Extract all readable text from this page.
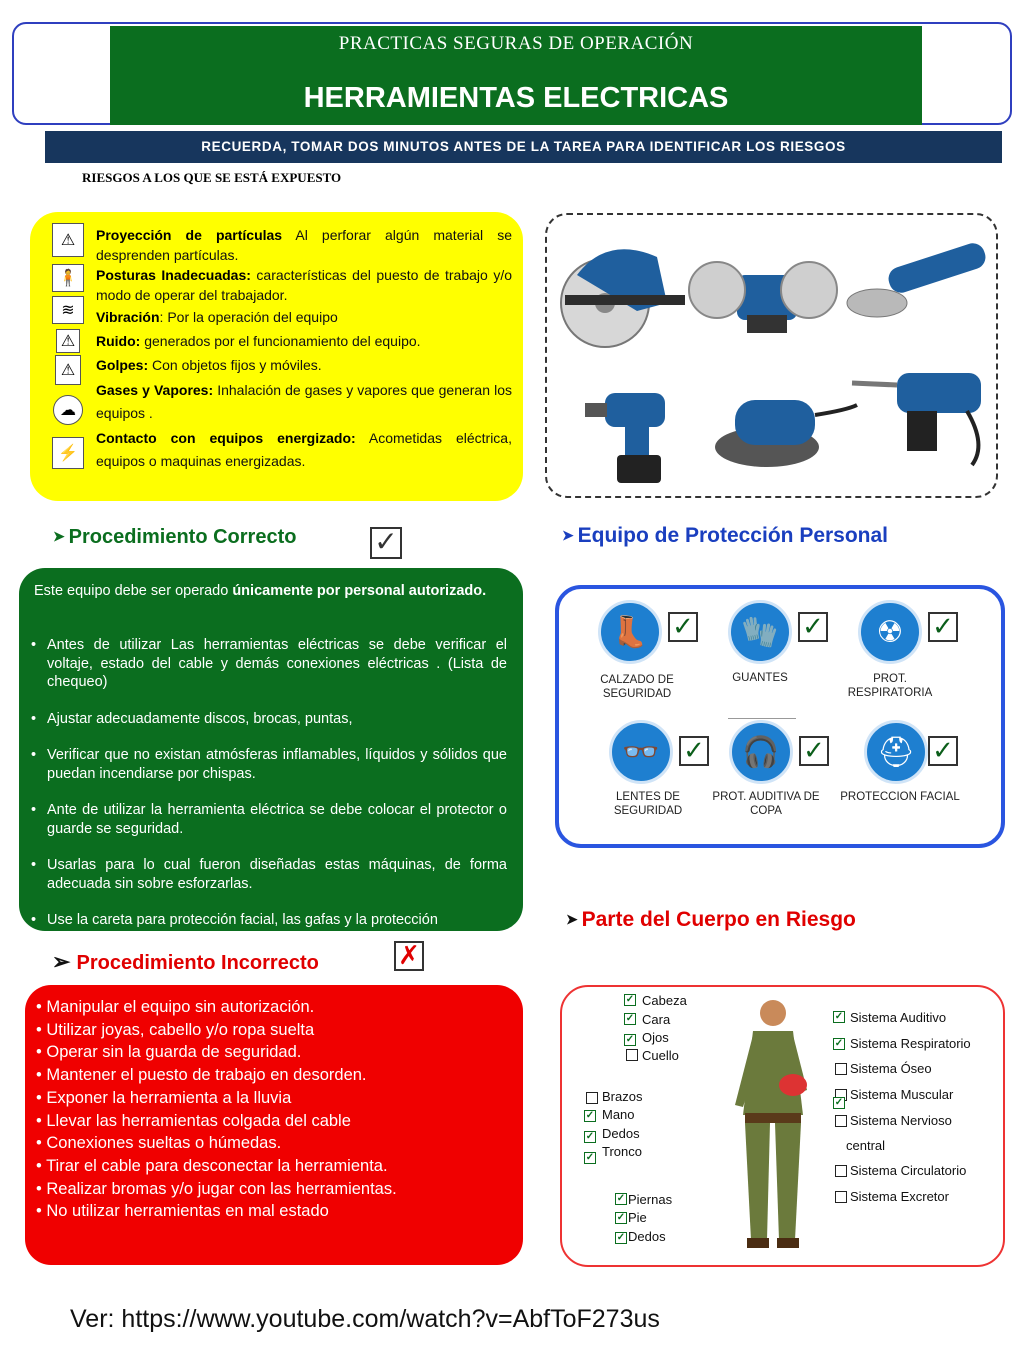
PRACTICAS SEGURAS DE OPERACIÓN
HERRAMIENTAS ELECTRICAS
RECUERDA, TOMAR DOS MINUTOS ANTES DE LA TAREA PARA IDENTIFICAR LOS RIESGOS
RIESGOS A LOS QUE SE ESTÁ EXPUESTO
⚠
🧍
≋
⚠
⚠
☁
⚡
Proyección de partículas Al perforar algún material se desprenden partículas.
Posturas Inadecuadas: características del puesto de trabajo y/o modo de operar del trabajador.
Vibración: Por la operación del equipo
Ruido: generados por el funcionamiento del equipo.
Golpes: Con objetos fijos y móviles.
Gases y Vapores: Inhalación de gases y vapores que generan los equipos .
Contacto con equipos energizado: Acometidas eléctrica, equipos o maquinas energizadas.
➤ Procedimiento Correcto	✓
Este equipo debe ser operado únicamente por personal autorizado.
• Antes de utilizar Las herramientas eléctricas se debe verificar el voltaje, estado del cable y demás conexiones eléctricas . (Lista de chequeo)
• Ajustar adecuadamente discos, brocas, puntas,
• Verificar que no existan atmósferas inflamables, líquidos y sólidos que puedan incendiarse por chispas.
• Ante de utilizar la herramienta eléctrica se debe colocar el protector o guarde se seguridad.
• Usarlas para lo cual fueron diseñadas estas máquinas, de forma adecuada sin sobre esforzarlas.
• Use la careta para protección facial, las gafas y la protección
➤ Equipo de Protección Personal
👢 ✓
CALZADO DE SEGURIDAD
🧤 ✓
GUANTES
☢	✓
PROT. RESPIRATORIA
👓 ✓
LENTES DE SEGURIDAD
🎧 ✓
PROT. AUDITIVA DE COPA
⛑ ✓
PROTECCION FACIAL
➢ Procedimiento Incorrecto	✗
• Manipular el equipo sin autorización.
• Utilizar joyas, cabello y/o ropa suelta
• Operar sin la guarda de seguridad.
• Mantener el puesto de trabajo en desorden.
• Exponer la herramienta a la lluvia
• Llevar las herramientas colgada del cable
• Conexiones sueltas o húmedas.
• Tirar el cable para desconectar la herramienta.
• Realizar bromas y/o jugar con las herramientas.
• No utilizar herramientas en mal estado
➤ Parte del Cuerpo en Riesgo
✓ Cabeza
✓ Cara
✓ Ojos
Cuello
Brazos
✓ Mano
✓ Dedos
✓ Tronco
✓ Piernas
✓ Pie
✓ Dedos
✓ Sistema Auditivo
✓ Sistema Respiratorio
Sistema Óseo
✓
Sistema Muscular
Sistema Nervioso
central
Sistema Circulatorio
Sistema Excretor
Ver: https://www.youtube.com/watch?v=AbfToF273us
